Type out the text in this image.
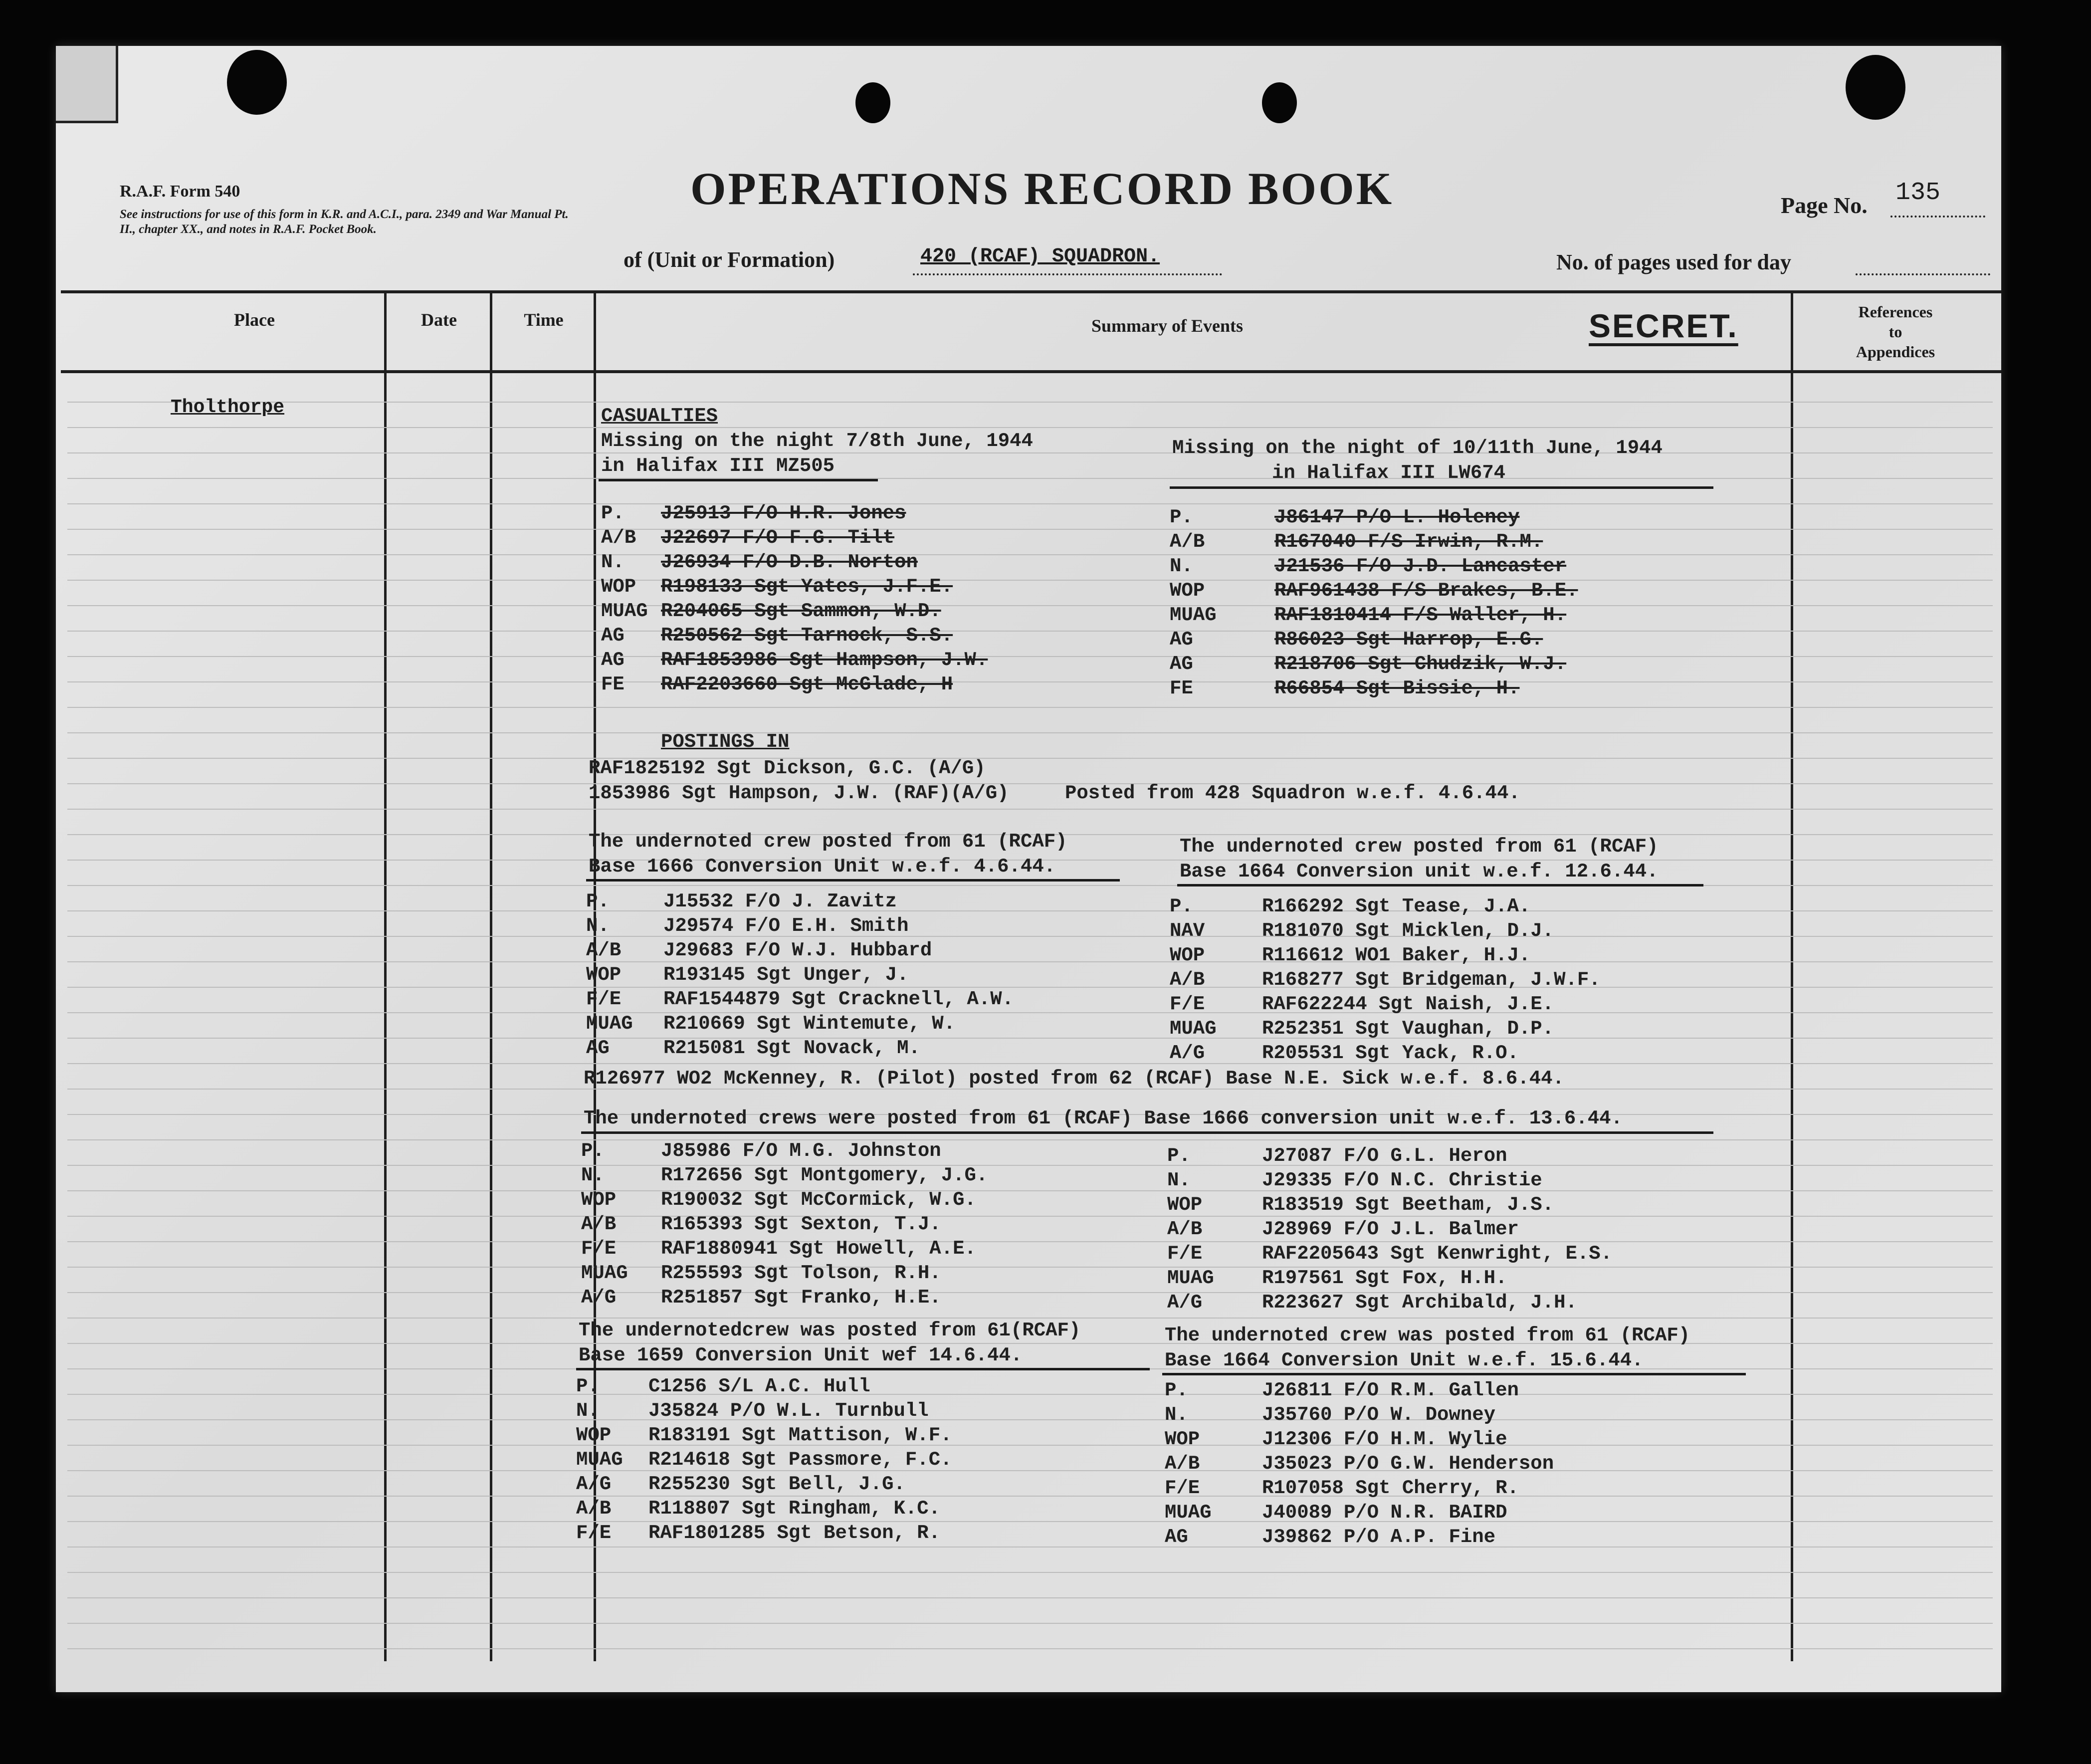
R.A.F. Form 540
See instructions for use of this form in K.R. and A.C.I., para. 2349 and War Manual Pt. II., chapter XX., and notes in R.A.F. Pocket Book.
OPERATIONS RECORD BOOK	Page No. 135
of (Unit or Formation)	420 (RCAF) SQUADRON.	No. of pages used for day
Place	Date	Time	Summary of Events
References
to
Appendices
SECRET.
Tholthorpe	CASUALTIES
Missing on the night 7/8th June, 1944
in Halifax III MZ505
Missing on the night of 10/11th June, 1944
in Halifax III LW674
P. J25913 F/O H.R. Jones
A/B J22697 F/O F.G. Tilt
N. J26934 F/O D.B. Norton
WOP R198133 Sgt Yates, J.F.E.
MUAG R204065 Sgt Sammon, W.D.
AG R250562 Sgt Tarnock, S.S.
AG RAF1853986 Sgt Hampson, J.W.
FE RAF2203660 Sgt McGlade, H
P.	J86147 P/O L. Holeney
A/B	R167040 F/S Irwin, R.M.
N.	J21536 F/O J.D. Lancaster
WOP	RAF961438 F/S Brakes, B.E.
MUAG	RAF1810414 F/S Waller, H.
AG	R86023 Sgt Harrop, E.G.
AG	R218706 Sgt Chudzik, W.J.
FE	R66854 Sgt Bissie, H.
POSTINGS IN
RAF1825192 Sgt Dickson, G.C. (A/G)
1853986 Sgt Hampson, J.W. (RAF)(A/G)	Posted from 428 Squadron w.e.f. 4.6.44.
The undernoted crew posted from 61 (RCAF)
Base 1666 Conversion Unit w.e.f. 4.6.44.
The undernoted crew posted from 61 (RCAF)
Base 1664 Conversion unit w.e.f. 12.6.44.
P.	J15532 F/O J. Zavitz
N.	J29574 F/O E.H. Smith
A/B J29683 F/O W.J. Hubbard
WOP R193145 Sgt Unger, J.
F/E RAF1544879 Sgt Cracknell, A.W.
MUAG R210669 Sgt Wintemute, W.
AG	R215081 Sgt Novack, M.
P.	R166292 Sgt Tease, J.A.
NAV	R181070 Sgt Micklen, D.J.
WOP	R116612 WO1 Baker, H.J.
A/B	R168277 Sgt Bridgeman, J.W.F.
F/E	RAF622244 Sgt Naish, J.E.
MUAG R252351 Sgt Vaughan, D.P.
A/G	R205531 Sgt Yack, R.O.
R126977 WO2 McKenney, R. (Pilot) posted from 62 (RCAF) Base N.E. Sick w.e.f. 8.6.44.
The undernoted crews were posted from 61 (RCAF) Base 1666 conversion unit w.e.f. 13.6.44.
P.	J85986 F/O M.G. Johnston
N.	R172656 Sgt Montgomery, J.G.
WOP R190032 Sgt McCormick, W.G.
A/B R165393 Sgt Sexton, T.J.
F/E RAF1880941 Sgt Howell, A.E.
MUAG R255593 Sgt Tolson, R.H.
A/G R251857 Sgt Franko, H.E.
P.	J27087 F/O G.L. Heron
N.	J29335 F/O N.C. Christie
WOP	R183519 Sgt Beetham, J.S.
A/B	J28969 F/O J.L. Balmer
F/E	RAF2205643 Sgt Kenwright, E.S.
MUAG R197561 Sgt Fox, H.H.
A/G	R223627 Sgt Archibald, J.H.
The undernotedcrew was posted from 61(RCAF)
Base 1659 Conversion Unit wef 14.6.44.
The undernoted crew was posted from 61 (RCAF)
Base 1664 Conversion Unit w.e.f. 15.6.44.
P.	C1256 S/L A.C. Hull
N.	J35824 P/O W.L. Turnbull
WOP R183191 Sgt Mattison, W.F.
MUAG R214618 Sgt Passmore, F.C.
A/G R255230 Sgt Bell, J.G.
A/B R118807 Sgt Ringham, K.C.
F/E RAF1801285 Sgt Betson, R.
P.	J26811 F/O R.M. Gallen
N.	J35760 P/O W. Downey
WOP	J12306 F/O H.M. Wylie
A/B	J35023 P/O G.W. Henderson
F/E	R107058 Sgt Cherry, R.
MUAG	J40089 P/O N.R. BAIRD
AG	J39862 P/O A.P. Fine
